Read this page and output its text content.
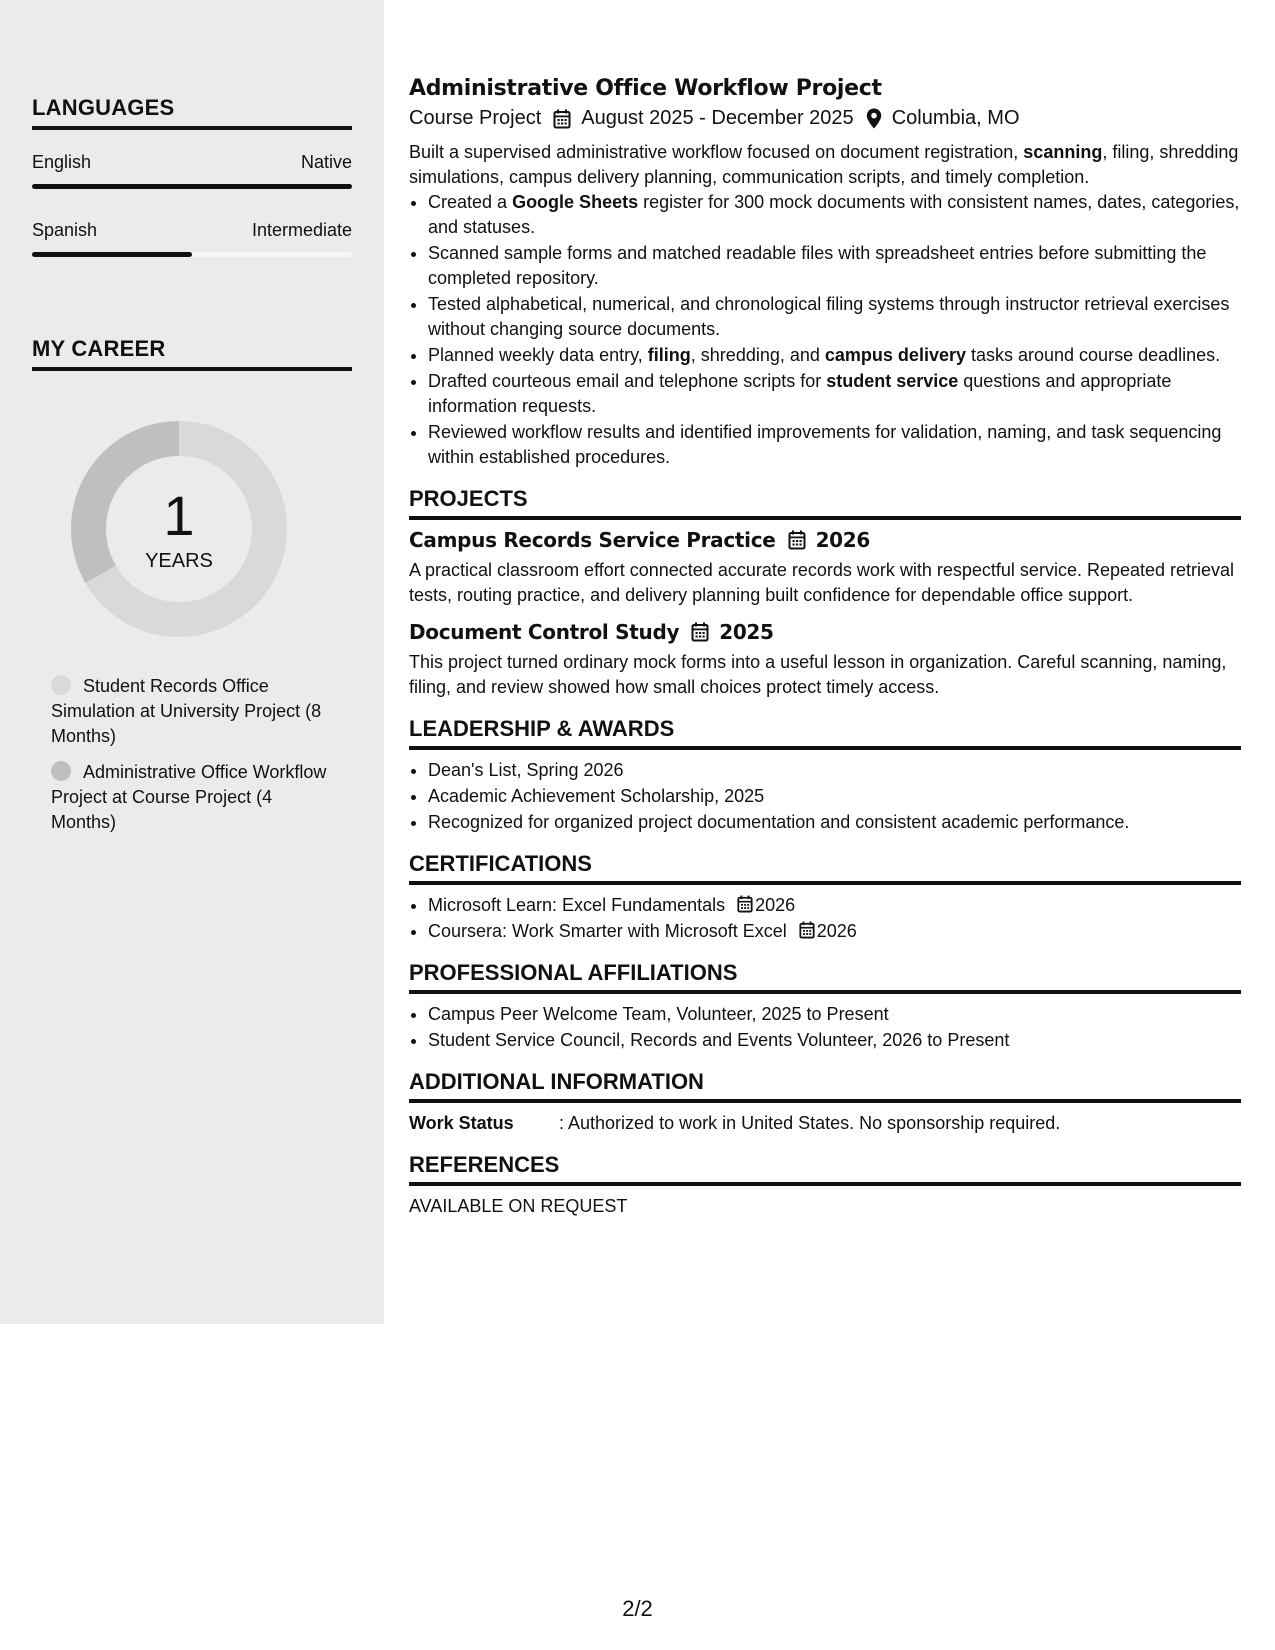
LANGUAGES
English	Native
Spanish	Intermediate
MY CAREER
1
YEARS
Student Records Office Simulation at University Project (8 Months)
Administrative Office Workflow Project at Course Project (4 Months)
Administrative Office Workflow Project
Course Project August 2025 - December 2025 Columbia, MO
Built a supervised administrative workflow focused on document registration, scanning, filing, shredding simulations, campus delivery planning, communication scripts, and timely completion.
• Created a Google Sheets register for 300 mock documents with consistent names, dates, categories, and statuses.
• Scanned sample forms and matched readable files with spreadsheet entries before submitting the completed repository.
• Tested alphabetical, numerical, and chronological filing systems through instructor retrieval exercises without changing source documents.
• Planned weekly data entry, filing, shredding, and campus delivery tasks around course deadlines.
• Drafted courteous email and telephone scripts for student service questions and appropriate information requests.
• Reviewed workflow results and identified improvements for validation, naming, and task sequencing within established procedures.
PROJECTS
Campus Records Service Practice 2026
A practical classroom effort connected accurate records work with respectful service. Repeated retrieval tests, routing practice, and delivery planning built confidence for dependable office support.
Document Control Study 2025
This project turned ordinary mock forms into a useful lesson in organization. Careful scanning, naming, filing, and review showed how small choices protect timely access.
LEADERSHIP & AWARDS
• Dean's List, Spring 2026
• Academic Achievement Scholarship, 2025
• Recognized for organized project documentation and consistent academic performance.
CERTIFICATIONS
• Microsoft Learn: Excel Fundamentals 2026
• Coursera: Work Smarter with Microsoft Excel 2026
PROFESSIONAL AFFILIATIONS
• Campus Peer Welcome Team, Volunteer, 2025 to Present
• Student Service Council, Records and Events Volunteer, 2026 to Present
ADDITIONAL INFORMATION
Work Status	: Authorized to work in United States. No sponsorship required.
REFERENCES
AVAILABLE ON REQUEST
2/2
